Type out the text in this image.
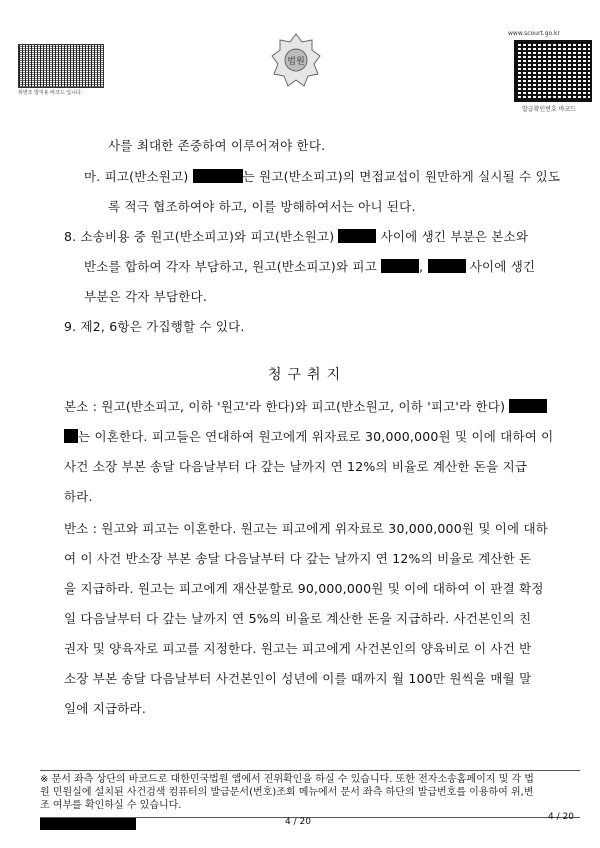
위변조 방지용 바코드 입니다.
법원
www.scourt.go.kr
발급확인번호 바코드
사를 최대한 존중하여 이루어져야 한다.
마. 피고(반소원고)	는 원고(반소피고)의 면접교섭이 원만하게 실시될 수 있도
록 적극 협조하여야 하고, 이를 방해하여서는 아니 된다.
8. 소송비용 중 원고(반소피고)와 피고(반소원고)	사이에 생긴 부분은 본소와
반소를 합하여 각자 부담하고, 원고(반소피고)와 피고	,	사이에 생긴
부분은 각자 부담한다.
9. 제2, 6항은 가집행할 수 있다.
청구취지
본소 : 원고(반소피고, 이하 '원고'라 한다)와 피고(반소원고, 이하 '피고'라 한다)
는 이혼한다. 피고들은 연대하여 원고에게 위자료로 30,000,000원 및 이에 대하여 이
사건 소장 부본 송달 다음날부터 다 갚는 날까지 연 12%의 비율로 계산한 돈을 지급
하라.
반소 : 원고와 피고는 이혼한다. 원고는 피고에게 위자료로 30,000,000원 및 이에 대하
여 이 사건 반소장 부본 송달 다음날부터 다 갚는 날까지 연 12%의 비율로 계산한 돈
을 지급하라. 원고는 피고에게 재산분할로 90,000,000원 및 이에 대하여 이 판결 확정
일 다음날부터 다 갚는 날까지 연 5%의 비율로 계산한 돈을 지급하라. 사건본인의 친
권자 및 양육자로 피고를 지정한다. 원고는 피고에게 사건본인의 양육비로 이 사건 반
소장 부본 송달 다음날부터 사건본인이 성년에 이를 때까지 월 100만 원씩을 매월 말
일에 지급하라.
※ 문서 좌측 상단의 바코드로 대한민국법원 앱에서 진위확인을 하실 수 있습니다. 또한 전자소송홈페이지 및 각 법
원 민원실에 설치된 사건검색 컴퓨터의 발급문서(번호)조회 메뉴에서 문서 좌측 하단의 발급번호를 이용하여 위,변
조 여부를 확인하실 수 있습니다.
4 / 20	4 / 20
